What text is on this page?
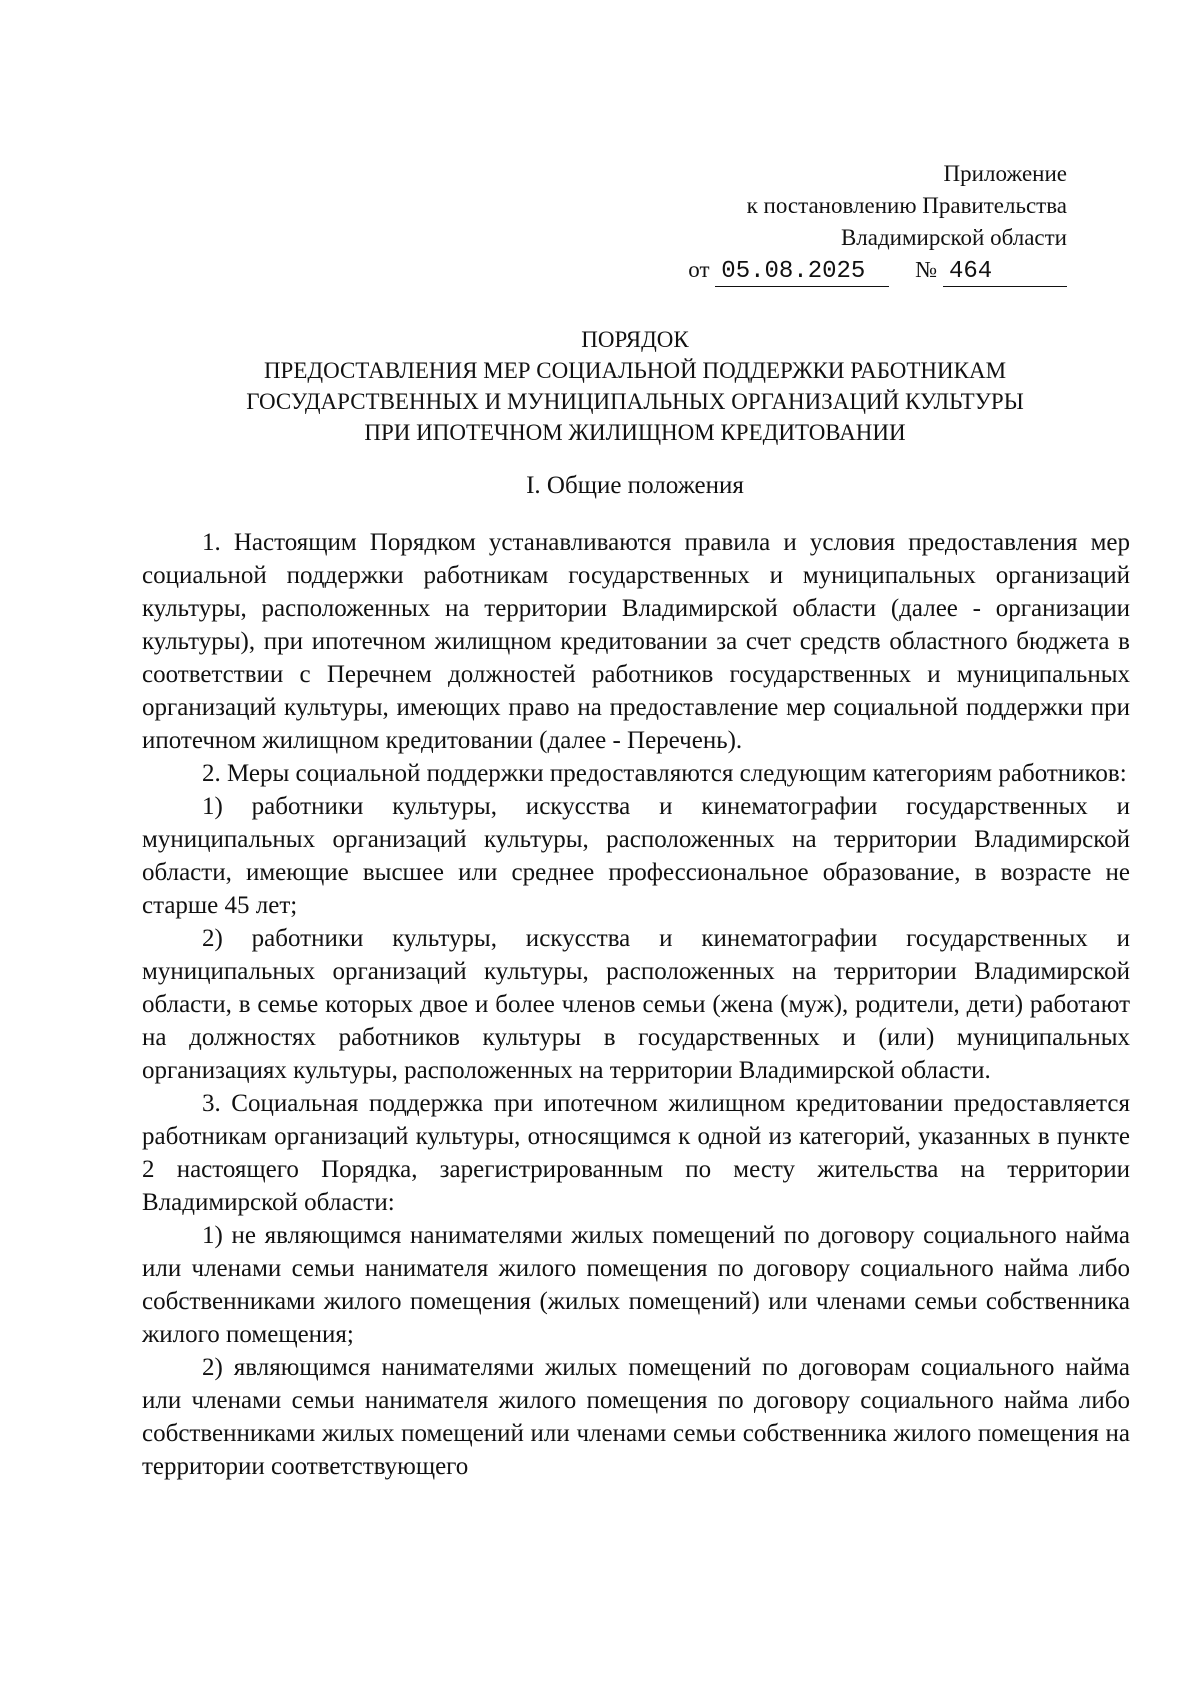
Приложение
к постановлению Правительства
Владимирской области
от 05.08.2025 № 464
ПОРЯДОК
ПРЕДОСТАВЛЕНИЯ МЕР СОЦИАЛЬНОЙ ПОДДЕРЖКИ РАБОТНИКАМ
ГОСУДАРСТВЕННЫХ И МУНИЦИПАЛЬНЫХ ОРГАНИЗАЦИЙ КУЛЬТУРЫ
ПРИ ИПОТЕЧНОМ ЖИЛИЩНОМ КРЕДИТОВАНИИ
I. Общие положения

1. Настоящим Порядком устанавливаются правила и условия предоставления мер социальной поддержки работникам государственных и муниципальных организаций культуры, расположенных на территории Владимирской области (далее - организации культуры), при ипотечном жилищном кредитовании за счет средств областного бюджета в соответствии с Перечнем должностей работников государственных и муниципальных организаций культуры, имеющих право на предоставление мер социальной поддержки при ипотечном жилищном кредитовании (далее - Перечень).

2. Меры социальной поддержки предоставляются следующим категориям работников:

1) работники культуры, искусства и кинематографии государственных и муниципальных организаций культуры, расположенных на территории Владимирской области, имеющие высшее или среднее профессиональное образование, в возрасте не старше 45 лет;

2) работники культуры, искусства и кинематографии государственных и муниципальных организаций культуры, расположенных на территории Владимирской области, в семье которых двое и более членов семьи (жена (муж), родители, дети) работают на должностях работников культуры в государственных и (или) муниципальных организациях культуры, расположенных на территории Владимирской области.

3. Социальная поддержка при ипотечном жилищном кредитовании предоставляется работникам организаций культуры, относящимся к одной из категорий, указанных в пункте 2 настоящего Порядка, зарегистрированным по месту жительства на территории Владимирской области:

1) не являющимся нанимателями жилых помещений по договору социального найма или членами семьи нанимателя жилого помещения по договору социального найма либо собственниками жилого помещения (жилых помещений) или членами семьи собственника жилого помещения;

2) являющимся нанимателями жилых помещений по договорам социального найма или членами семьи нанимателя жилого помещения по договору социального найма либо собственниками жилых помещений или членами семьи собственника жилого помещения на территории соответствующего
